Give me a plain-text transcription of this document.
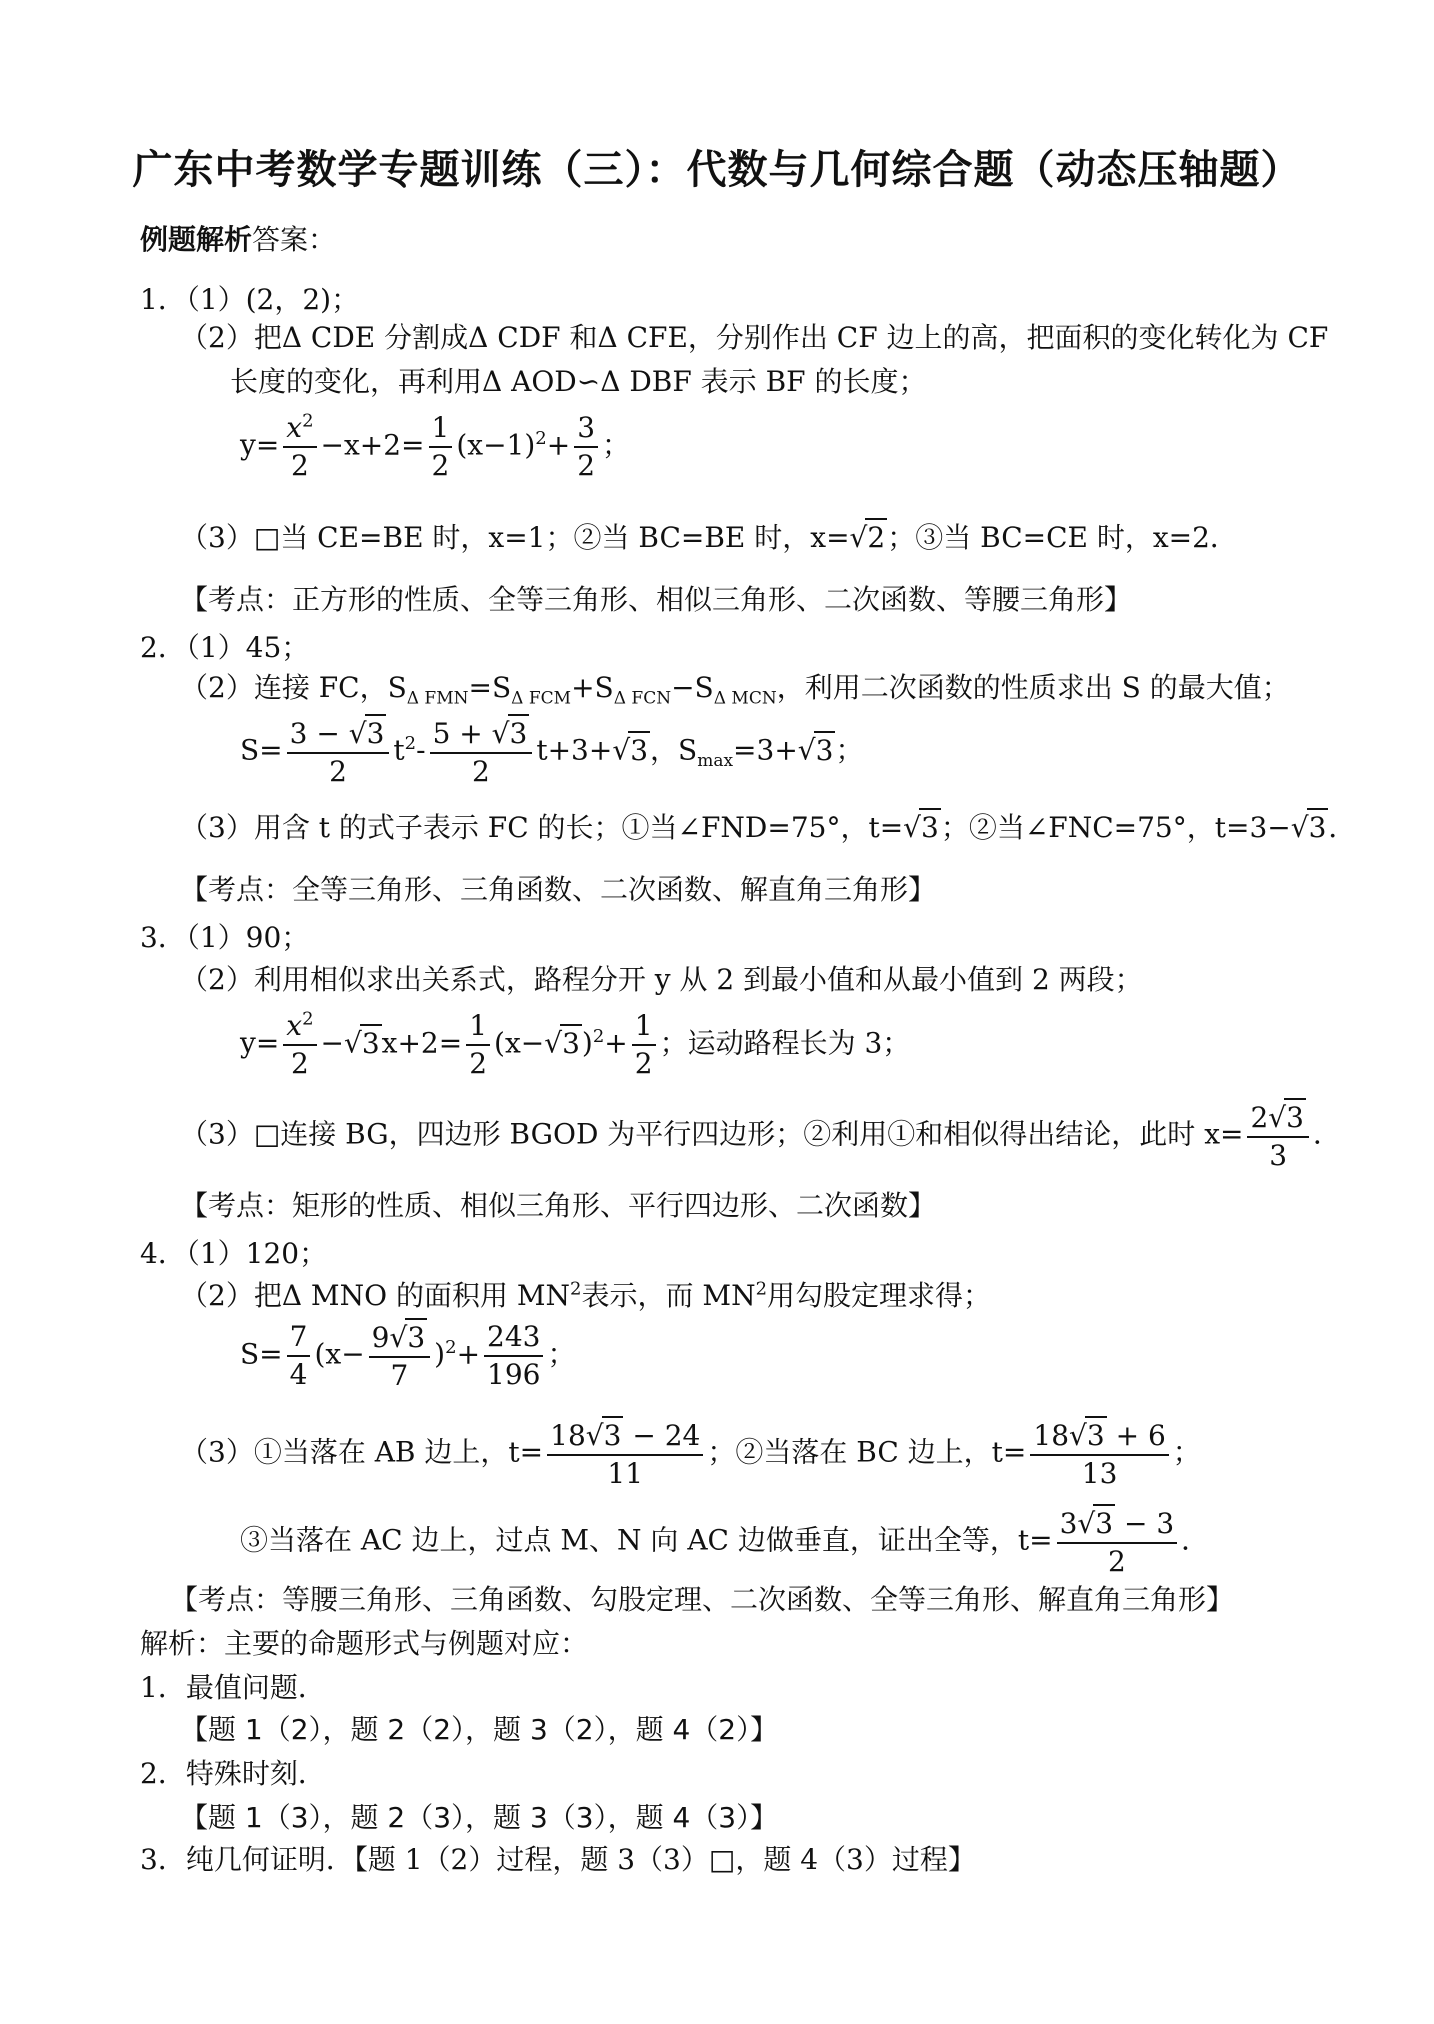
广东中考数学专题训练（三）：代数与几何综合题（动态压轴题）
例题解析答案：
1．（1）(2，2)；
（2）把Δ CDE 分割成Δ CDF 和Δ CFE，分别作出 CF 边上的高，把面积的变化转化为 CF
长度的变化，再利用Δ AOD∽Δ DBF 表示 BF 的长度；
$y= \frac{x^2}{2} -x+2= \frac{1}{2} (x-1)^2+ \frac{3}{2}$ ；
（3）□当 CE=BE 时，x=1；②当 BC=BE 时，x=√2；③当 BC=CE 时，x=2．
【考点：正方形的性质、全等三角形、相似三角形、二次函数、等腰三角形】
2．（1）45；
（2）连接 FC，$S_{\Delta FMN}=S_{\Delta FCM}+S_{\Delta FCN}-S_{\Delta MCN}$，利用二次函数的性质求出 S 的最大值；
$S= \frac{3 - √3}{2} t^2- \frac{5 + √3}{2} t+3+√3$，$S_{max}=3+√3$；
（3）用含 t 的式子表示 FC 的长；①当∠FND=75°，t=√3；②当∠FNC=75°，t=3−√3．
【考点：全等三角形、三角函数、二次函数、解直角三角形】
3．（1）90；
（2）利用相似求出关系式，路程分开 y 从 2 到最小值和从最小值到 2 两段；
$y= \frac{x^2}{2} -√3x+2= \frac{1}{2} (x-√3)^2+ \frac{1}{2}$ ；运动路程长为 3；
（3）□连接 BG，四边形 BGOD 为平行四边形；②利用①和相似得出结论，此时 $x= \frac{2√3}{3}$ ．
【考点：矩形的性质、相似三角形、平行四边形、二次函数】
4．（1）120；
（2）把Δ MNO 的面积用 $MN^2$表示，而 $MN^2$用勾股定理求得；
$S= \frac{7}{4} (x- \frac{9√3}{7} )^2+ \frac{243}{196}$ ；
（3）①当落在 AB 边上，$t= \frac{18√3 - 24}{11}$ ；②当落在 BC 边上，$t= \frac{18√3 + 6}{13}$ ；
③当落在 AC 边上，过点 M、N 向 AC 边做垂直，证出全等，$t= \frac{3√3 - 3}{2}$ ．
【考点：等腰三角形、三角函数、勾股定理、二次函数、全等三角形、解直角三角形】
解析：主要的命题形式与例题对应：
1．最值问题．
【题 1（2），题 2（2），题 3（2），题 4（2）】
2．特殊时刻．
【题 1（3），题 2（3），题 3（3），题 4（3）】
3．纯几何证明．【题 1（2）过程，题 3（3）□，题 4（3）过程】
